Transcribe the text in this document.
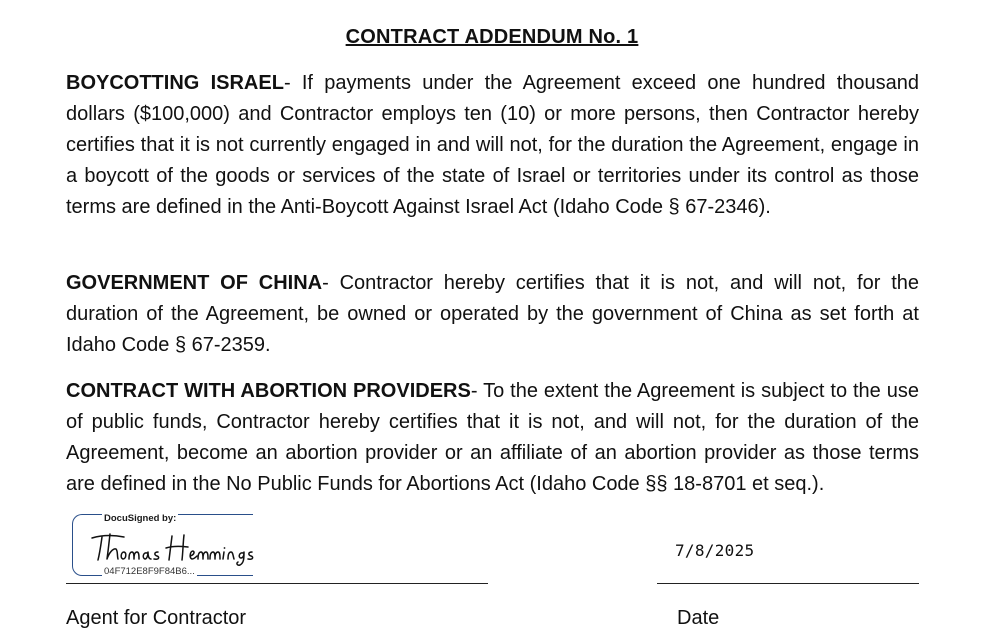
CONTRACT ADDENDUM No. 1

BOYCOTTING ISRAEL- If payments under the Agreement exceed one hundred thousand dollars ($100,000) and Contractor employs ten (10) or more persons, then Contractor hereby certifies that it is not currently engaged in and will not, for the duration the Agreement, engage in a boycott of the goods or services of the state of Israel or territories under its control as those terms are defined in the Anti-Boycott Against Israel Act (Idaho Code § 67-2346).

GOVERNMENT OF CHINA- Contractor hereby certifies that it is not, and will not, for the duration of the Agreement, be owned or operated by the government of China as set forth at Idaho Code § 67-2359.

CONTRACT WITH ABORTION PROVIDERS- To the extent the Agreement is subject to the use of public funds, Contractor hereby certifies that it is not, and will not, for the duration of the Agreement, become an abortion provider or an affiliate of an abortion provider as those terms are defined in the No Public Funds for Abortions Act (Idaho Code §§ 18-8701 et seq.).

DocuSigned by:
04F712E8F9F84B6...
7/8/2025
Agent for Contractor	Date
